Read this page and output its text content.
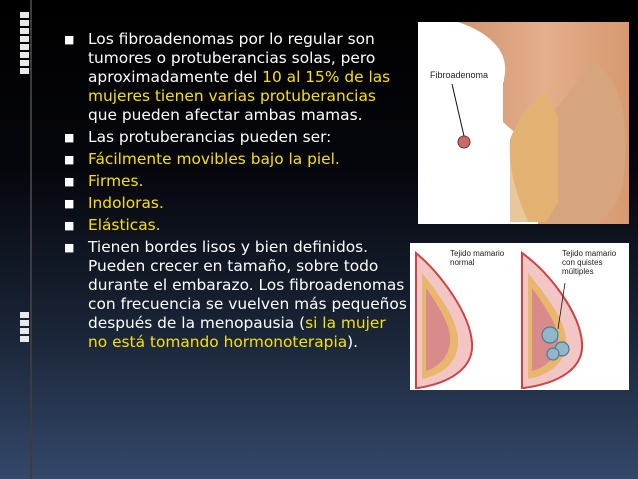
■ Los fibroadenomas por lo regular son tumores o protuberancias solas, pero aproximadamente del 10 al 15% de las mujeres tienen varias protuberancias que pueden afectar ambas mamas.
■ Las protuberancias pueden ser:
■ Fácilmente movibles bajo la piel.
■ Firmes.
■ Indoloras.
■ Elásticas.
■ Tienen bordes lisos y bien definidos. Pueden crecer en tamaño, sobre todo durante el embarazo. Los fibroadenomas con frecuencia se vuelven más pequeños después de la menopausia (si la mujer no está tomando hormonoterapia).
Fibroadenoma
Tejido mamario normal
Tejido mamario con quistes múltiples
